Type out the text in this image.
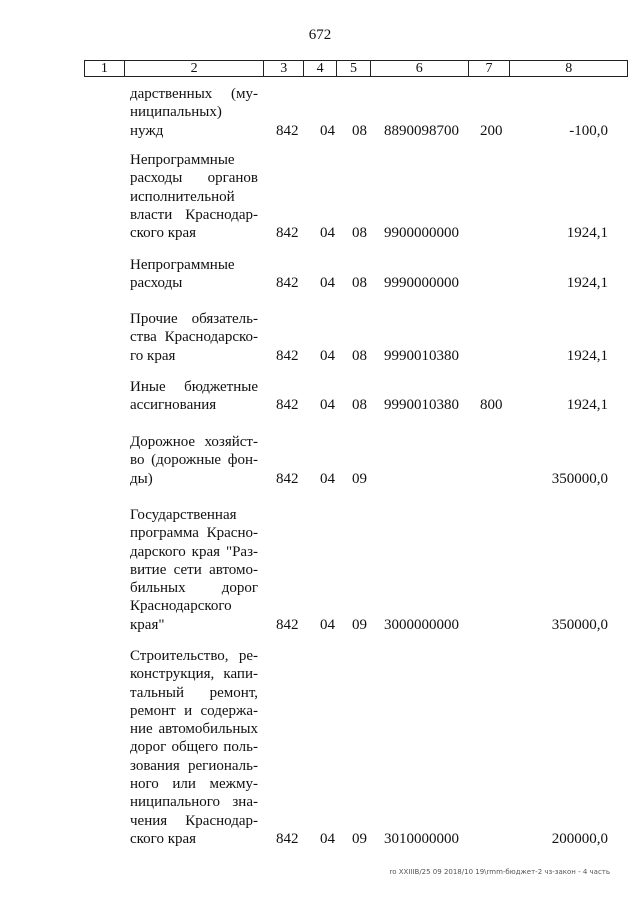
672
1	2	3	4	5	6	7	8
дарственных (му-
ниципальных)
нужд	842 04 08 8890098700 200	-100,0
Непрограммные
расходы органов
исполнительной
власти Краснодар-
ского края	842 04 08 9900000000	1924,1
Непрограммные
расходы	842 04 08 9990000000	1924,1
Прочие обязатель-
ства Краснодарско-
го края	842 04 08 9990010380	1924,1
Иные бюджетные
ассигнования	842 04 08 9990010380 800	1924,1
Дорожное хозяйст-
во (дорожные фон-
ды)	842 04 09	350000,0
Государственная
программа Красно-
дарского края "Раз-
витие сети автомо-
бильных дорог
Краснодарского
края"	842 04 09 3000000000	350000,0
Строительство, ре-
конструкция, капи-
тальный ремонт,
ремонт и содержа-
ние автомобильных
дорог общего поль-
зования региональ-
ного или межму-
ниципального зна-
чения Краснодар-
ского края	842 04 09 3010000000	200000,0
ro XXIIIB/25 09 2018/10 19\rmm-бюджет-2 чз-закон - 4 часть
